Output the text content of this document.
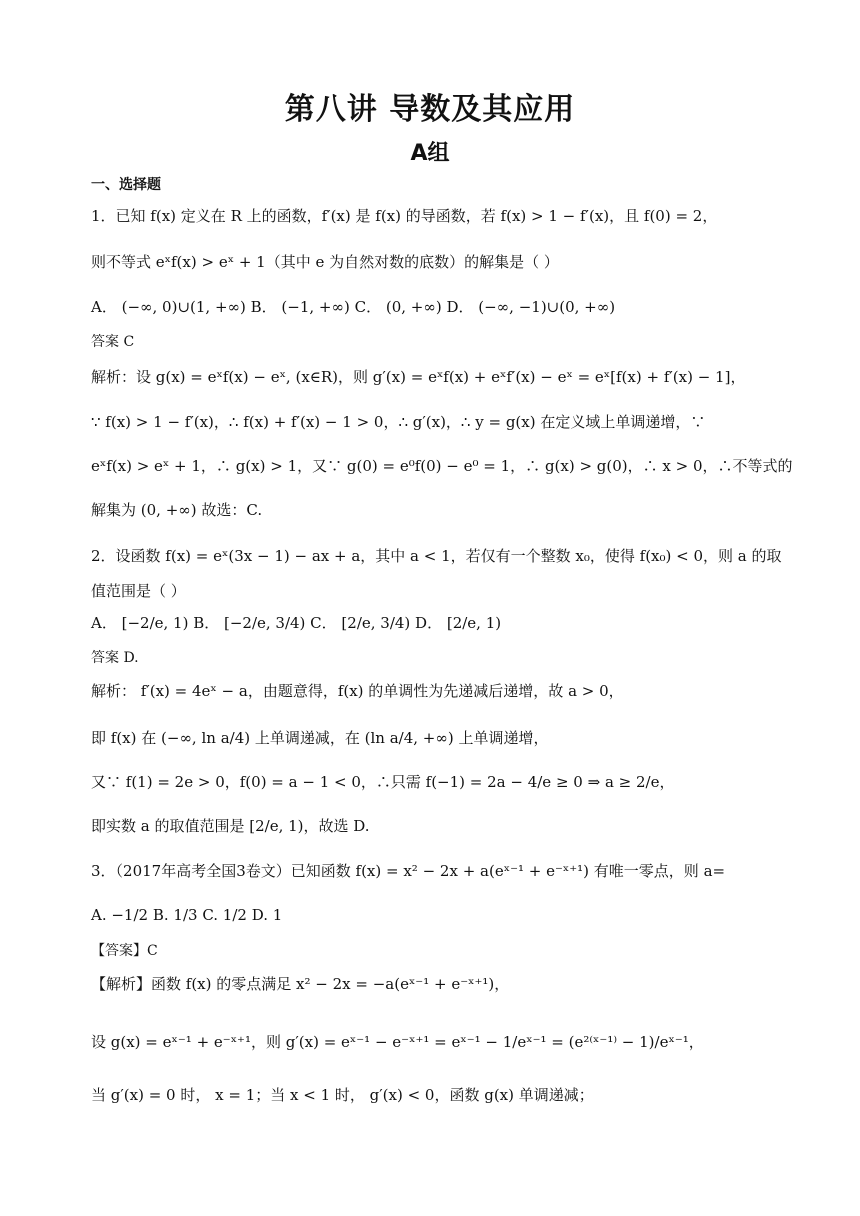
第八讲 导数及其应用
A组
一、选择题
1．已知 f(x) 定义在 R 上的函数，f′(x) 是 f(x) 的导函数，若 f(x) > 1 − f′(x)，且 f(0) = 2，
则不等式 eˣf(x) > eˣ + 1（其中 e 为自然对数的底数）的解集是（ ）
A． (−∞, 0)∪(1, +∞) B． (−1, +∞) C． (0, +∞) D． (−∞, −1)∪(0, +∞)
答案 C
解析：设 g(x) = eˣf(x) − eˣ, (x∈R)，则 g′(x) = eˣf(x) + eˣf′(x) − eˣ = eˣ[f(x) + f′(x) − 1]，
∵ f(x) > 1 − f′(x)，∴ f(x) + f′(x) − 1 > 0，∴ g′(x)，∴ y = g(x) 在定义域上单调递增，∵
eˣf(x) > eˣ + 1，∴ g(x) > 1，又∵ g(0) = e⁰f(0) − e⁰ = 1，∴ g(x) > g(0)，∴ x > 0，∴不等式的
解集为 (0, +∞) 故选：C.
2．设函数 f(x) = eˣ(3x − 1) − ax + a，其中 a < 1，若仅有一个整数 x₀，使得 f(x₀) < 0，则 a 的取
值范围是（ ）
A． [−2/e, 1) B． [−2/e, 3/4) C． [2/e, 3/4) D． [2/e, 1)
答案 D.
解析： f′(x) = 4eˣ − a，由题意得，f(x) 的单调性为先递减后递增，故 a > 0，
即 f(x) 在 (−∞, ln a/4) 上单调递减，在 (ln a/4, +∞) 上单调递增，
又∵ f(1) = 2e > 0，f(0) = a − 1 < 0，∴只需 f(−1) = 2a − 4/e ≥ 0 ⇒ a ≥ 2/e，
即实数 a 的取值范围是 [2/e, 1)，故选 D.
3．（2017年高考全国3卷文）已知函数 f(x) = x² − 2x + a(eˣ⁻¹ + e⁻ˣ⁺¹) 有唯一零点，则 a=
A. −1/2 B. 1/3 C. 1/2 D. 1
【答案】C
【解析】函数 f(x) 的零点满足 x² − 2x = −a(eˣ⁻¹ + e⁻ˣ⁺¹)，
设 g(x) = eˣ⁻¹ + e⁻ˣ⁺¹，则 g′(x) = eˣ⁻¹ − e⁻ˣ⁺¹ = eˣ⁻¹ − 1/eˣ⁻¹ = (e²⁽ˣ⁻¹⁾ − 1)/eˣ⁻¹，
当 g′(x) = 0 时， x = 1；当 x < 1 时， g′(x) < 0，函数 g(x) 单调递减；
